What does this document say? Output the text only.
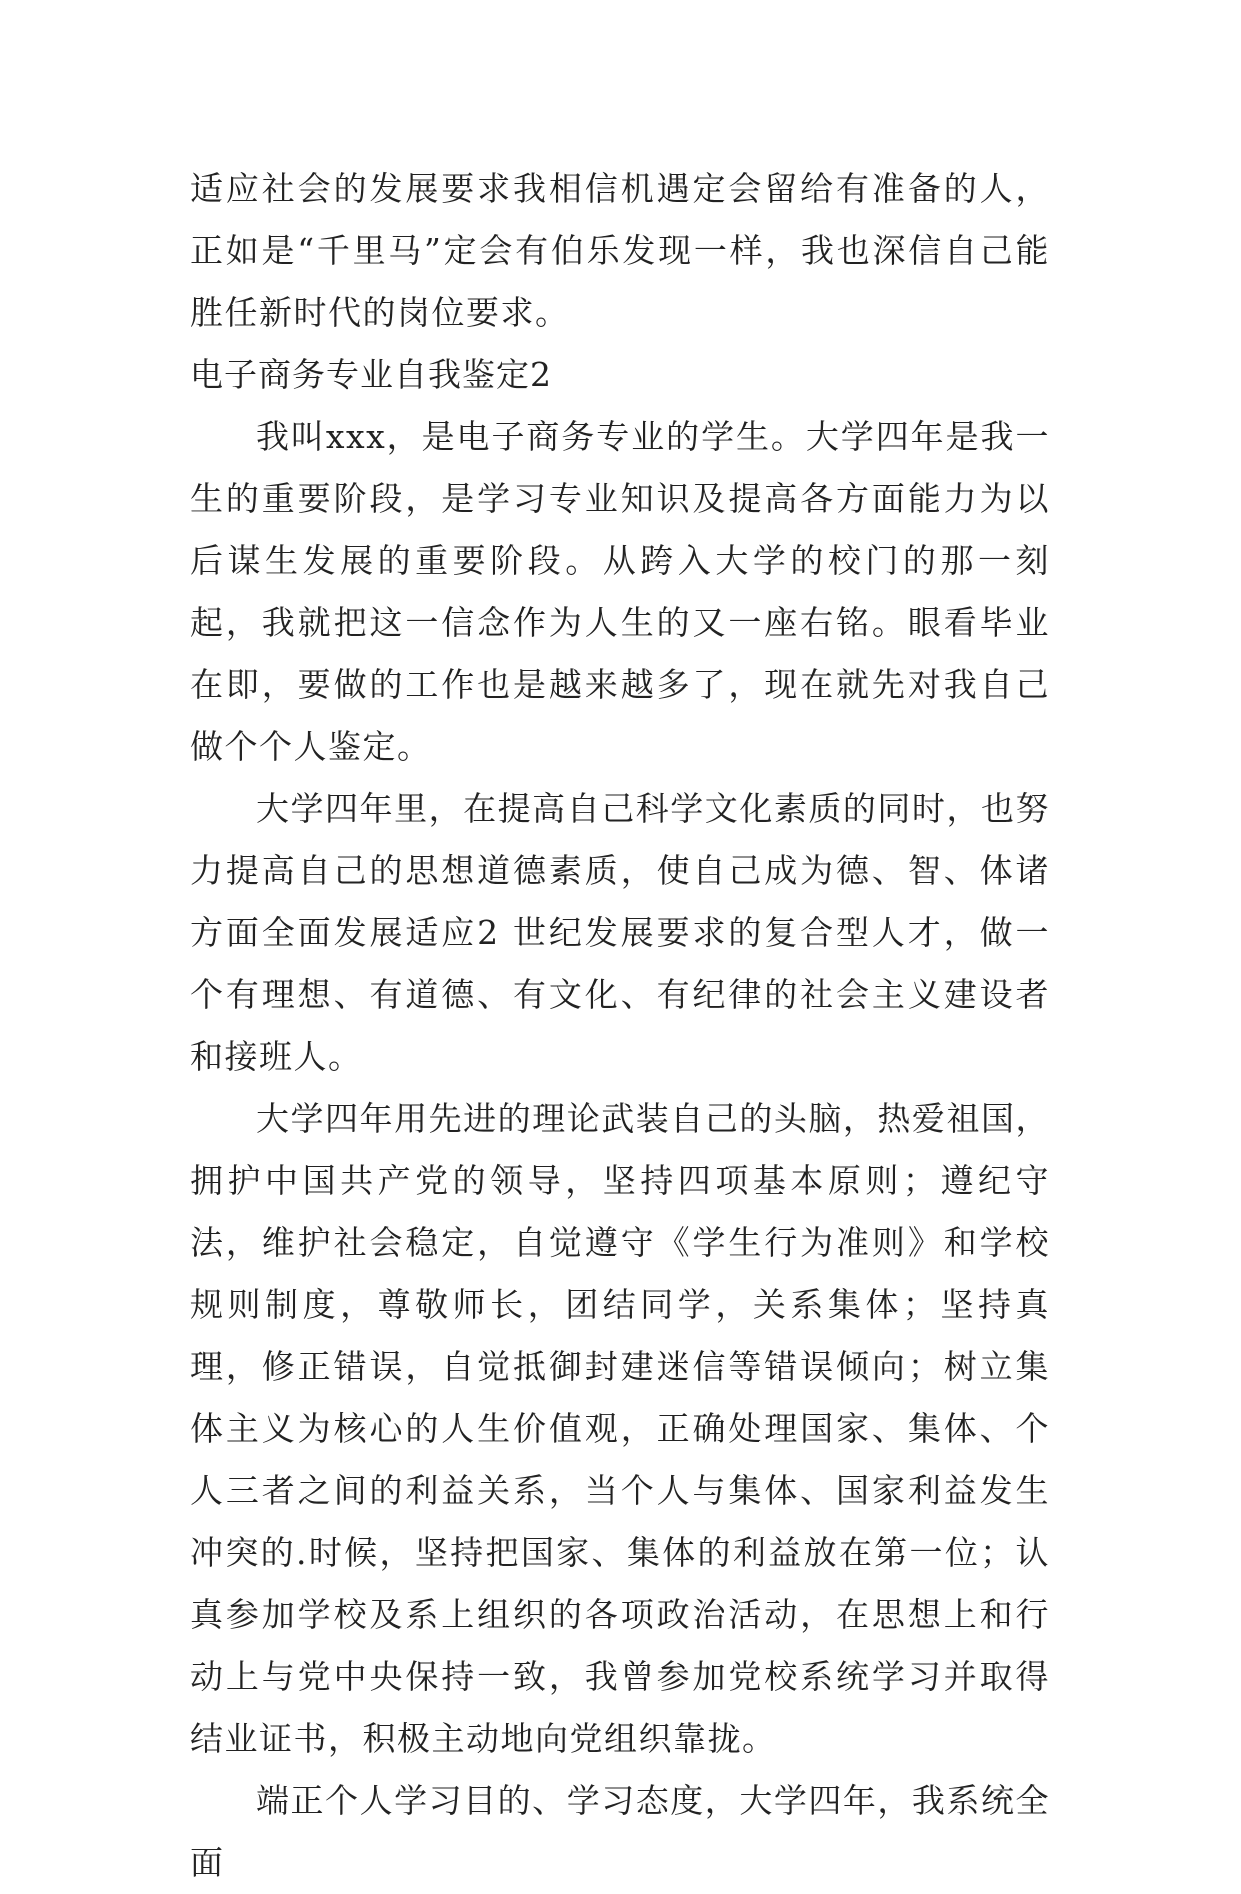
适应社会的发展要求我相信机遇定会留给有准备的人，正如是“千里马”定会有伯乐发现一样，我也深信自己能胜任新时代的岗位要求。

电子商务专业自我鉴定2

我叫xxx，是电子商务专业的学生。大学四年是我一生的重要阶段，是学习专业知识及提高各方面能力为以后谋生发展的重要阶段。从跨入大学的校门的那一刻起，我就把这一信念作为人生的又一座右铭。眼看毕业在即，要做的工作也是越来越多了，现在就先对我自己做个个人鉴定。

大学四年里，在提高自己科学文化素质的同时，也努力提高自己的思想道德素质，使自己成为德、智、体诸方面全面发展适应2 世纪发展要求的复合型人才，做一个有理想、有道德、有文化、有纪律的社会主义建设者和接班人。

大学四年用先进的理论武装自己的头脑，热爱祖国，拥护中国共产党的领导，坚持四项基本原则；遵纪守法，维护社会稳定，自觉遵守《学生行为准则》和学校规则制度，尊敬师长，团结同学，关系集体；坚持真理，修正错误，自觉抵御封建迷信等错误倾向；树立集体主义为核心的人生价值观，正确处理国家、集体、个人三者之间的利益关系，当个人与集体、国家利益发生冲突的.时候，坚持把国家、集体的利益放在第一位；认真参加学校及系上组织的各项政治活动，在思想上和行动上与党中央保持一致，我曾参加党校系统学习并取得结业证书，积极主动地向党组织靠拢。

端正个人学习目的、学习态度，大学四年，我系统全面
